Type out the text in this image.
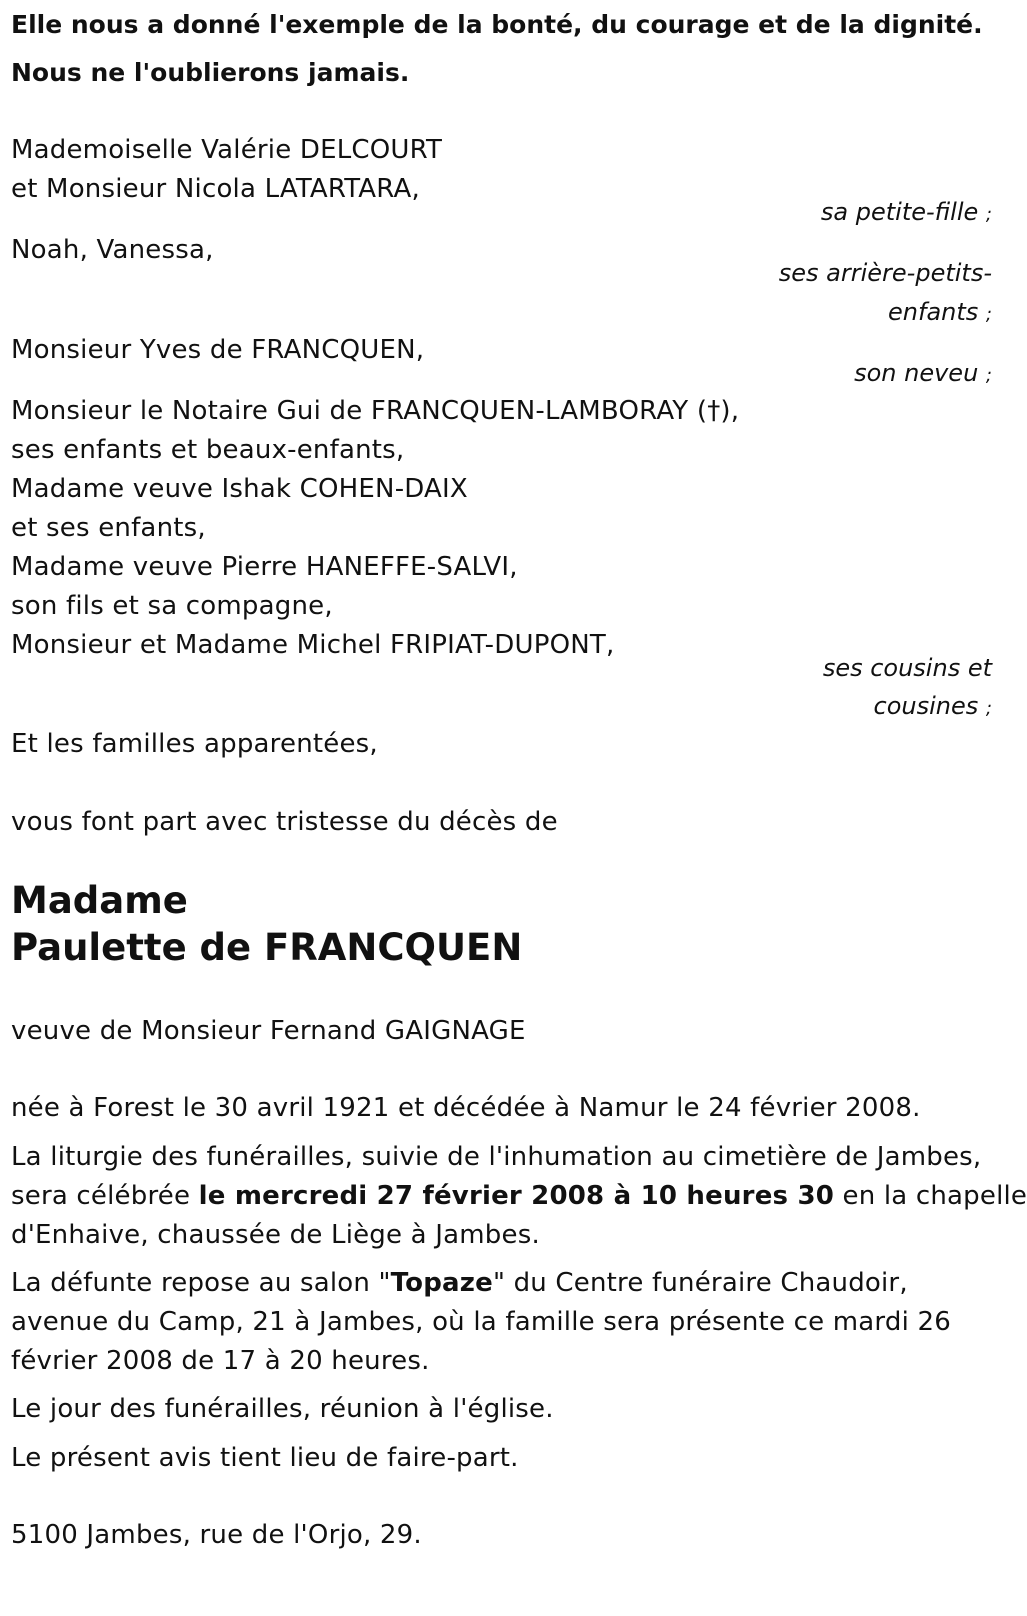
Elle nous a donné l'exemple de la bonté, du courage et de la dignité.
Nous ne l'oublierons jamais.
Mademoiselle Valérie DELCOURT
et Monsieur Nicola LATARTARA,
sa petite-fille ;
Noah, Vanessa,
ses arrière-petits-
enfants ;
Monsieur Yves de FRANCQUEN,
son neveu ;
Monsieur le Notaire Gui de FRANCQUEN-LAMBORAY (†),
ses enfants et beaux-enfants,
Madame veuve Ishak COHEN-DAIX
et ses enfants,
Madame veuve Pierre HANEFFE-SALVI,
son fils et sa compagne,
Monsieur et Madame Michel FRIPIAT-DUPONT,
ses cousins et
cousines ;
Et les familles apparentées,
vous font part avec tristesse du décès de
Madame
Paulette de FRANCQUEN
veuve de Monsieur Fernand GAIGNAGE
née à Forest le 30 avril 1921 et décédée à Namur le 24 février 2008.
La liturgie des funérailles, suivie de l'inhumation au cimetière de Jambes,
sera célébrée le mercredi 27 février 2008 à 10 heures 30 en la chapelle
d'Enhaive, chaussée de Liège à Jambes.
La défunte repose au salon "Topaze" du Centre funéraire Chaudoir,
avenue du Camp, 21 à Jambes, où la famille sera présente ce mardi 26
février 2008 de 17 à 20 heures.
Le jour des funérailles, réunion à l'église.
Le présent avis tient lieu de faire-part.
5100 Jambes, rue de l'Orjo, 29.
